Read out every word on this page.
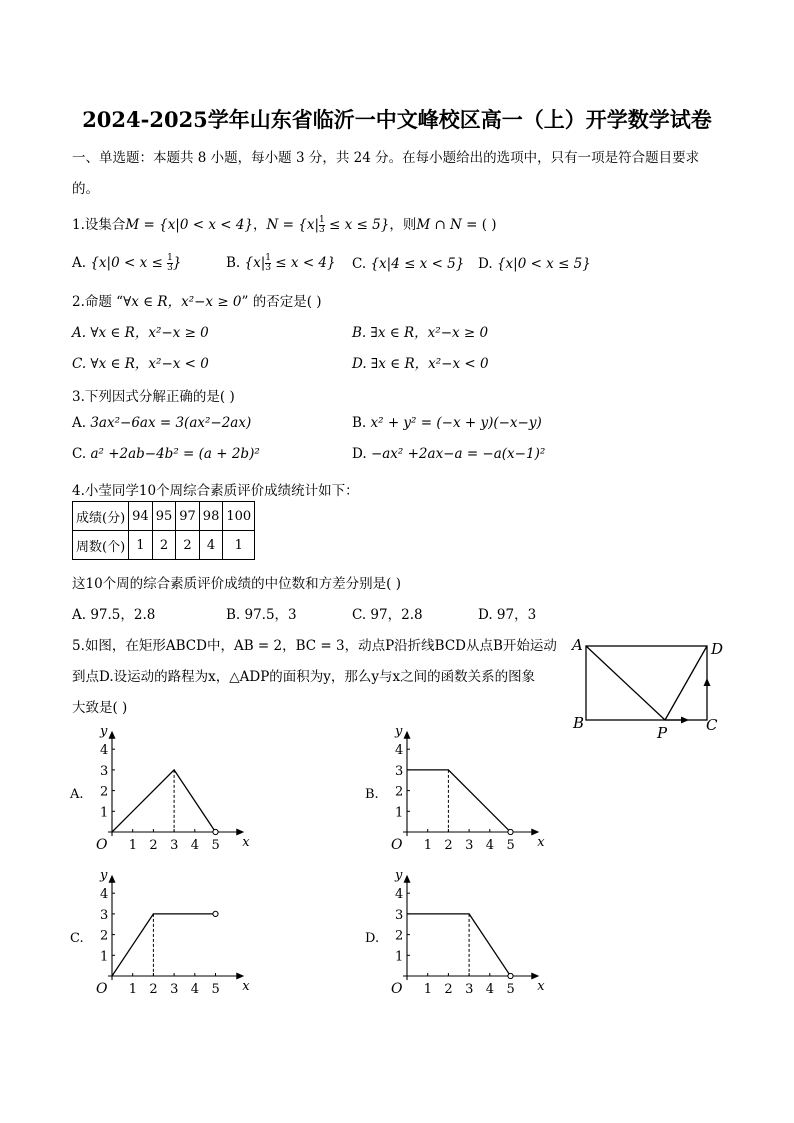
2024-2025学年山东省临沂一中文峰校区高一（上）开学数学试卷
一、单选题：本题共 8 小题，每小题 3 分，共 24 分。在每小题给出的选项中，只有一项是符合题目要求
的。
1.设集合M = {x|0 < x < 4}，$N = \{x| \frac{1}{3} \le x \le 5\}$，则M ∩ N = ( )
A. {$x|0 < x \le \frac{1}{3}$ }	B. $\{x| \frac{1}{3} \le x < 4\}$ C. {x|4 ≤ x < 5} D. {x|0 < x ≤ 5}
2.命题 “∀x ∈ R，x²−x ≥ 0” 的否定是( )
A. ∀x ∈ R，x²−x ≥ 0	B. ∃x ∈ R，x²−x ≥ 0
C. ∀x ∈ R，x²−x < 0	D. ∃x ∈ R，x²−x < 0
3.下列因式分解正确的是( )
A. 3ax²−6ax = 3(ax²−2ax)	B. x² + y² = (−x + y)(−x−y)
C. a² +2ab−4b² = (a + 2b)²	D. −ax² +2ax−a = −a(x−1)²
4.小莹同学10个周综合素质评价成绩统计如下：
成绩(分)	94	95	97	98	100
周数(个)	1	2	2	4	1
这10个周的综合素质评价成绩的中位数和方差分别是( )
A. 97.5，2.8	B. 97.5，3	C. 97，2.8	D. 97，3
5.如图，在矩形ABCD中，AB = 2，BC = 3，动点P沿折线BCD从点B开始运动
到点D.设运动的路程为x，△ADP的面积为y，那么y与x之间的函数关系的图象
大致是( )
A	D
B	C
P
A.
x
y
O 1 2 3 4 5
1
2
3
4
B.
x
y
O 1 2 3 4 5
1
2
3
4
C.
x
y
O 1 2 3 4 5
1
2
3
4
D.
x
y
O 1 2 3 4 5
1
2
3
4
